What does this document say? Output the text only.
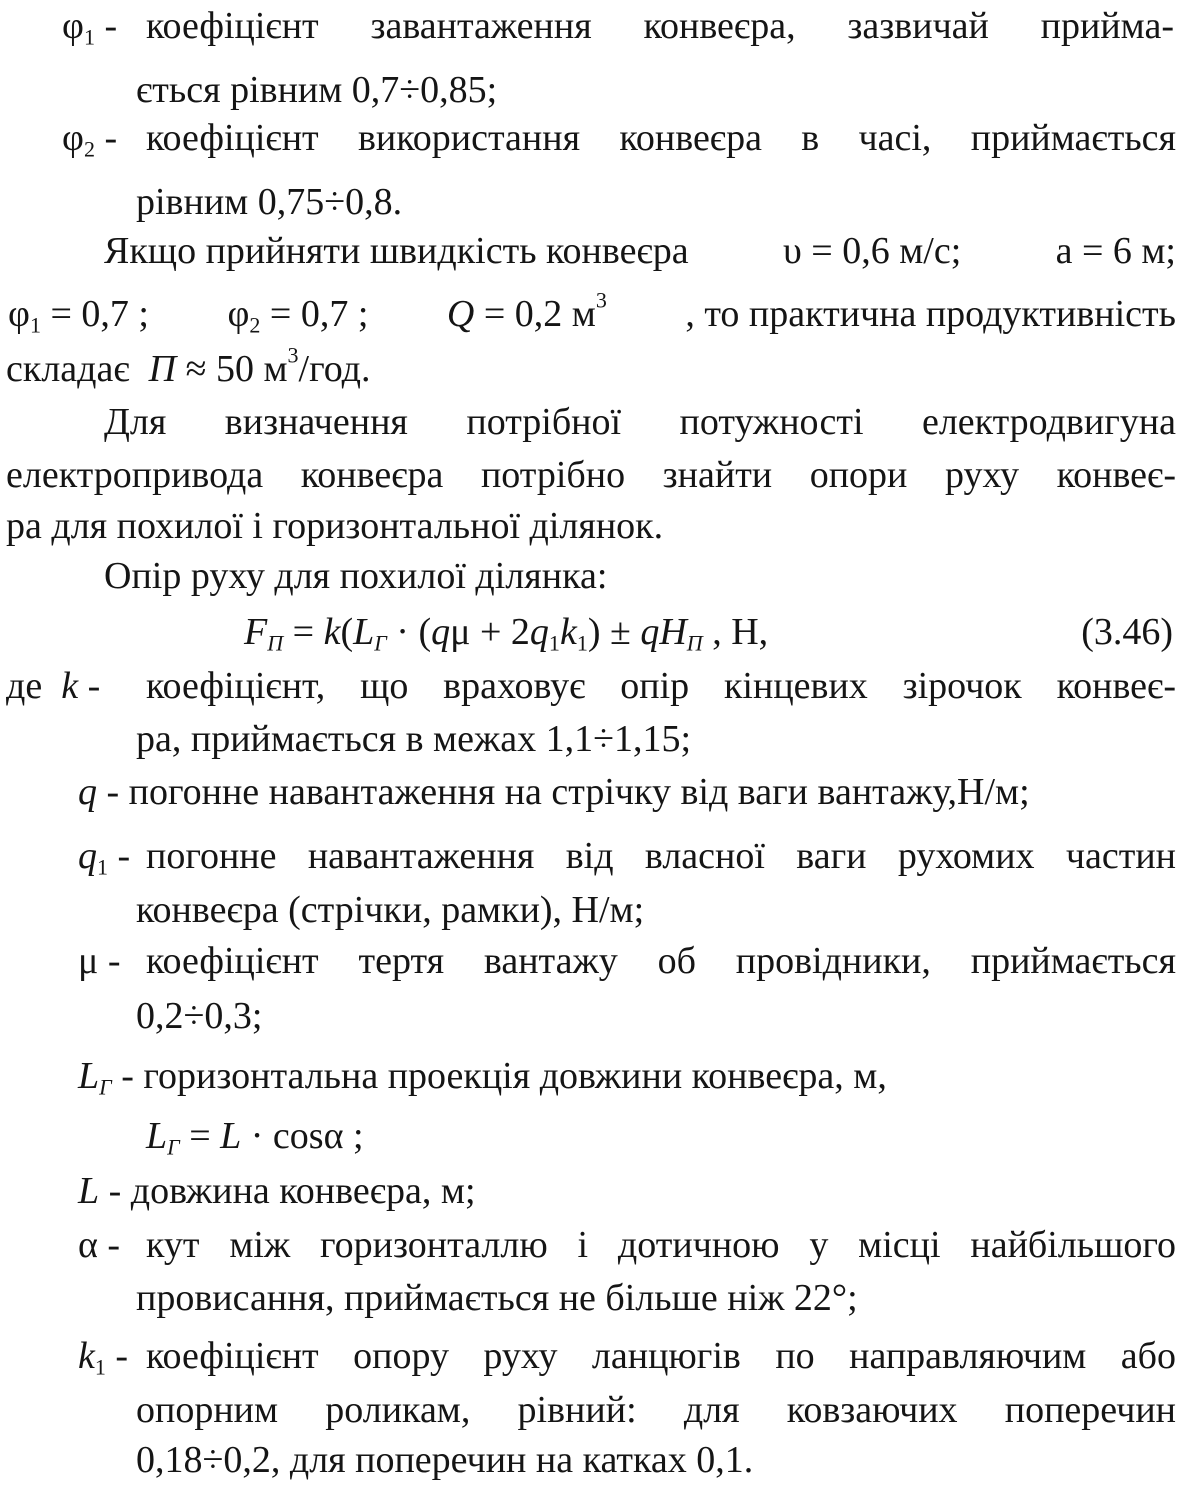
$\varphi_1$ - коефіцієнт завантаження конвеєра, зазвичай прийма-
ється рівним 0,7÷0,85;
$\varphi_2$ - коефіцієнт використання конвеєра в часі, приймається
рівним 0,75÷0,8.
Якщо прийняти швидкість конвеєра υ = 0,6 м/с; a = 6 м;
$\varphi_1 = 0,7$ ; $\varphi_2 = 0,7$ ; Q = 0,2 $м^3$ , то практична продуктивність
складає П ≈ 50 $м^3$/год.
Для визначення потрібної потужності електродвигуна
електропривода конвеєра потрібно знайти опори руху конвеє-
ра для похилої і горизонтальної ділянок.
Опір руху для похилої ділянка:
$F_П = k(L_Г \cdot (q\mu + 2q_1k_1) \pm qH_П$ , Н,	(3.46)
де k - коефіцієнт, що враховує опір кінцевих зірочок конвеє-
ра, приймається в межах 1,1÷1,15;
q - погонне навантаження на стрічку від ваги вантажу,Н/м;
$q_1$ - погонне навантаження від власної ваги рухомих частин
конвеєра (стрічки, рамки), Н/м;
μ - коефіцієнт тертя вантажу об провідники, приймається
0,2÷0,3;
$L_Г$ - горизонтальна проекція довжини конвеєра, м,
$L_Г = L \cdot \cos\alpha$ ;
L - довжина конвеєра, м;
α - кут між горизонталлю і дотичною у місці найбільшого
провисання, приймається не більше ніж 22°;
$k_1$ - коефіцієнт опору руху ланцюгів по направляючим або
опорним роликам, рівний: для ковзаючих поперечин
0,18÷0,2, для поперечин на катках 0,1.
